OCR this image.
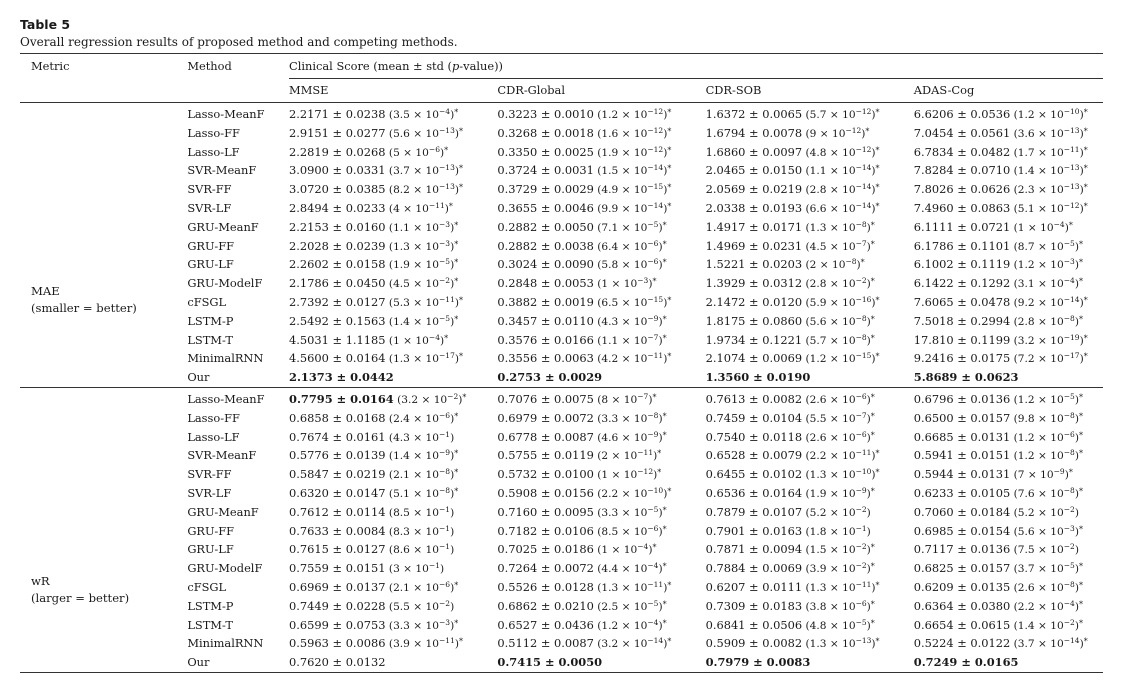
Table 5
Overall regression results of proposed method and competing methods.
Metric	Method	Clinical Score (mean ± std (p-value))			
		MMSE	CDR-Global	CDR-SOB	ADAS-Cog

MAE
(smaller = better)	Lasso-MeanF	2.2171 ± 0.0238 $(3.5 \times 10^{-4})^*$	0.3223 ± 0.0010 $(1.2 \times 10^{-12})^*$	1.6372 ± 0.0065 $(5.7 \times 10^{-12})^*$	6.6206 ± 0.0536 $(1.2 \times 10^{-10})^*$
	Lasso-FF	2.9151 ± 0.0277 $(5.6 \times 10^{-13})^*$	0.3268 ± 0.0018 $(1.6 \times 10^{-12})^*$	1.6794 ± 0.0078 $(9 \times 10^{-12})^*$	7.0454 ± 0.0561 $(3.6 \times 10^{-13})^*$
	Lasso-LF	2.2819 ± 0.0268 $(5 \times 10^{-6})^*$	0.3350 ± 0.0025 $(1.9 \times 10^{-12})^*$	1.6860 ± 0.0097 $(4.8 \times 10^{-12})^*$	6.7834 ± 0.0482 $(1.7 \times 10^{-11})^*$
	SVR-MeanF	3.0900 ± 0.0331 $(3.7 \times 10^{-13})^*$	0.3724 ± 0.0031 $(1.5 \times 10^{-14})^*$	2.0465 ± 0.0150 $(1.1 \times 10^{-14})^*$	7.8284 ± 0.0710 $(1.4 \times 10^{-13})^*$
	SVR-FF	3.0720 ± 0.0385 $(8.2 \times 10^{-13})^*$	0.3729 ± 0.0029 $(4.9 \times 10^{-15})^*$	2.0569 ± 0.0219 $(2.8 \times 10^{-14})^*$	7.8026 ± 0.0626 $(2.3 \times 10^{-13})^*$
	SVR-LF	2.8494 ± 0.0233 $(4 \times 10^{-11})^*$	0.3655 ± 0.0046 $(9.9 \times 10^{-14})^*$	2.0338 ± 0.0193 $(6.6 \times 10^{-14})^*$	7.4960 ± 0.0863 $(5.1 \times 10^{-12})^*$
	GRU-MeanF	2.2153 ± 0.0160 $(1.1 \times 10^{-3})^*$	0.2882 ± 0.0050 $(7.1 \times 10^{-5})^*$	1.4917 ± 0.0171 $(1.3 \times 10^{-8})^*$	6.1111 ± 0.0721 $(1 \times 10^{-4})^*$
	GRU-FF	2.2028 ± 0.0239 $(1.3 \times 10^{-3})^*$	0.2882 ± 0.0038 $(6.4 \times 10^{-6})^*$	1.4969 ± 0.0231 $(4.5 \times 10^{-7})^*$	6.1786 ± 0.1101 $(8.7 \times 10^{-5})^*$
	GRU-LF	2.2602 ± 0.0158 $(1.9 \times 10^{-5})^*$	0.3024 ± 0.0090 $(5.8 \times 10^{-6})^*$	1.5221 ± 0.0203 $(2 \times 10^{-8})^*$	6.1002 ± 0.1119 $(1.2 \times 10^{-3})^*$
	GRU-ModelF	2.1786 ± 0.0450 $(4.5 \times 10^{-2})^*$	0.2848 ± 0.0053 $(1 \times 10^{-3})^*$	1.3929 ± 0.0312 $(2.8 \times 10^{-2})^*$	6.1422 ± 0.1292 $(3.1 \times 10^{-4})^*$
	cFSGL	2.7392 ± 0.0127 $(5.3 \times 10^{-11})^*$	0.3882 ± 0.0019 $(6.5 \times 10^{-15})^*$	2.1472 ± 0.0120 $(5.9 \times 10^{-16})^*$	7.6065 ± 0.0478 $(9.2 \times 10^{-14})^*$
	LSTM-P	2.5492 ± 0.1563 $(1.4 \times 10^{-5})^*$	0.3457 ± 0.0110 $(4.3 \times 10^{-9})^*$	1.8175 ± 0.0860 $(5.6 \times 10^{-8})^*$	7.5018 ± 0.2994 $(2.8 \times 10^{-8})^*$
	LSTM-T	4.5031 ± 1.1185 $(1 \times 10^{-4})^*$	0.3576 ± 0.0166 $(1.1 \times 10^{-7})^*$	1.9734 ± 0.1221 $(5.7 \times 10^{-8})^*$	17.810 ± 0.1199 $(3.2 \times 10^{-19})^*$
	MinimalRNN	4.5600 ± 0.0164 $(1.3 \times 10^{-17})^*$	0.3556 ± 0.0063 $(4.2 \times 10^{-11})^*$	2.1074 ± 0.0069 $(1.2 \times 10^{-15})^*$	9.2416 ± 0.0175 $(7.2 \times 10^{-17})^*$
	Our	2.1373 ± 0.0442	0.2753 ± 0.0029	1.3560 ± 0.0190	5.8689 ± 0.0623

wR
(larger = better)	Lasso-MeanF	0.7795 ± 0.0164 $(3.2 \times 10^{-2})^*$	0.7076 ± 0.0075 $(8 \times 10^{-7})^*$	0.7613 ± 0.0082 $(2.6 \times 10^{-6})^*$	0.6796 ± 0.0136 $(1.2 \times 10^{-5})^*$
	Lasso-FF	0.6858 ± 0.0168 $(2.4 \times 10^{-6})^*$	0.6979 ± 0.0072 $(3.3 \times 10^{-8})^*$	0.7459 ± 0.0104 $(5.5 \times 10^{-7})^*$	0.6500 ± 0.0157 $(9.8 \times 10^{-8})^*$
	Lasso-LF	0.7674 ± 0.0161 $(4.3 \times 10^{-1})$	0.6778 ± 0.0087 $(4.6 \times 10^{-9})^*$	0.7540 ± 0.0118 $(2.6 \times 10^{-6})^*$	0.6685 ± 0.0131 $(1.2 \times 10^{-6})^*$
	SVR-MeanF	0.5776 ± 0.0139 $(1.4 \times 10^{-9})^*$	0.5755 ± 0.0119 $(2 \times 10^{-11})^*$	0.6528 ± 0.0079 $(2.2 \times 10^{-11})^*$	0.5941 ± 0.0151 $(1.2 \times 10^{-8})^*$
	SVR-FF	0.5847 ± 0.0219 $(2.1 \times 10^{-8})^*$	0.5732 ± 0.0100 $(1 \times 10^{-12})^*$	0.6455 ± 0.0102 $(1.3 \times 10^{-10})^*$	0.5944 ± 0.0131 $(7 \times 10^{-9})^*$
	SVR-LF	0.6320 ± 0.0147 $(5.1 \times 10^{-8})^*$	0.5908 ± 0.0156 $(2.2 \times 10^{-10})^*$	0.6536 ± 0.0164 $(1.9 \times 10^{-9})^*$	0.6233 ± 0.0105 $(7.6 \times 10^{-8})^*$
	GRU-MeanF	0.7612 ± 0.0114 $(8.5 \times 10^{-1})$	0.7160 ± 0.0095 $(3.3 \times 10^{-5})^*$	0.7879 ± 0.0107 $(5.2 \times 10^{-2})$	0.7060 ± 0.0184 $(5.2 \times 10^{-2})$
	GRU-FF	0.7633 ± 0.0084 $(8.3 \times 10^{-1})$	0.7182 ± 0.0106 $(8.5 \times 10^{-6})^*$	0.7901 ± 0.0163 $(1.8 \times 10^{-1})$	0.6985 ± 0.0154 $(5.6 \times 10^{-3})^*$
	GRU-LF	0.7615 ± 0.0127 $(8.6 \times 10^{-1})$	0.7025 ± 0.0186 $(1 \times 10^{-4})^*$	0.7871 ± 0.0094 $(1.5 \times 10^{-2})^*$	0.7117 ± 0.0136 $(7.5 \times 10^{-2})$
	GRU-ModelF	0.7559 ± 0.0151 $(3 \times 10^{-1})$	0.7264 ± 0.0072 $(4.4 \times 10^{-4})^*$	0.7884 ± 0.0069 $(3.9 \times 10^{-2})^*$	0.6825 ± 0.0157 $(3.7 \times 10^{-5})^*$
	cFSGL	0.6969 ± 0.0137 $(2.1 \times 10^{-6})^*$	0.5526 ± 0.0128 $(1.3 \times 10^{-11})^*$	0.6207 ± 0.0111 $(1.3 \times 10^{-11})^*$	0.6209 ± 0.0135 $(2.6 \times 10^{-8})^*$
	LSTM-P	0.7449 ± 0.0228 $(5.5 \times 10^{-2})$	0.6862 ± 0.0210 $(2.5 \times 10^{-5})^*$	0.7309 ± 0.0183 $(3.8 \times 10^{-6})^*$	0.6364 ± 0.0380 $(2.2 \times 10^{-4})^*$
	LSTM-T	0.6599 ± 0.0753 $(3.3 \times 10^{-3})^*$	0.6527 ± 0.0436 $(1.2 \times 10^{-4})^*$	0.6841 ± 0.0506 $(4.8 \times 10^{-5})^*$	0.6654 ± 0.0615 $(1.4 \times 10^{-2})^*$
	MinimalRNN	0.5963 ± 0.0086 $(3.9 \times 10^{-11})^*$	0.5112 ± 0.0087 $(3.2 \times 10^{-14})^*$	0.5909 ± 0.0082 $(1.3 \times 10^{-13})^*$	0.5224 ± 0.0122 $(3.7 \times 10^{-14})^*$
	Our	0.7620 ± 0.0132	0.7415 ± 0.0050	0.7979 ± 0.0083	0.7249 ± 0.0165
